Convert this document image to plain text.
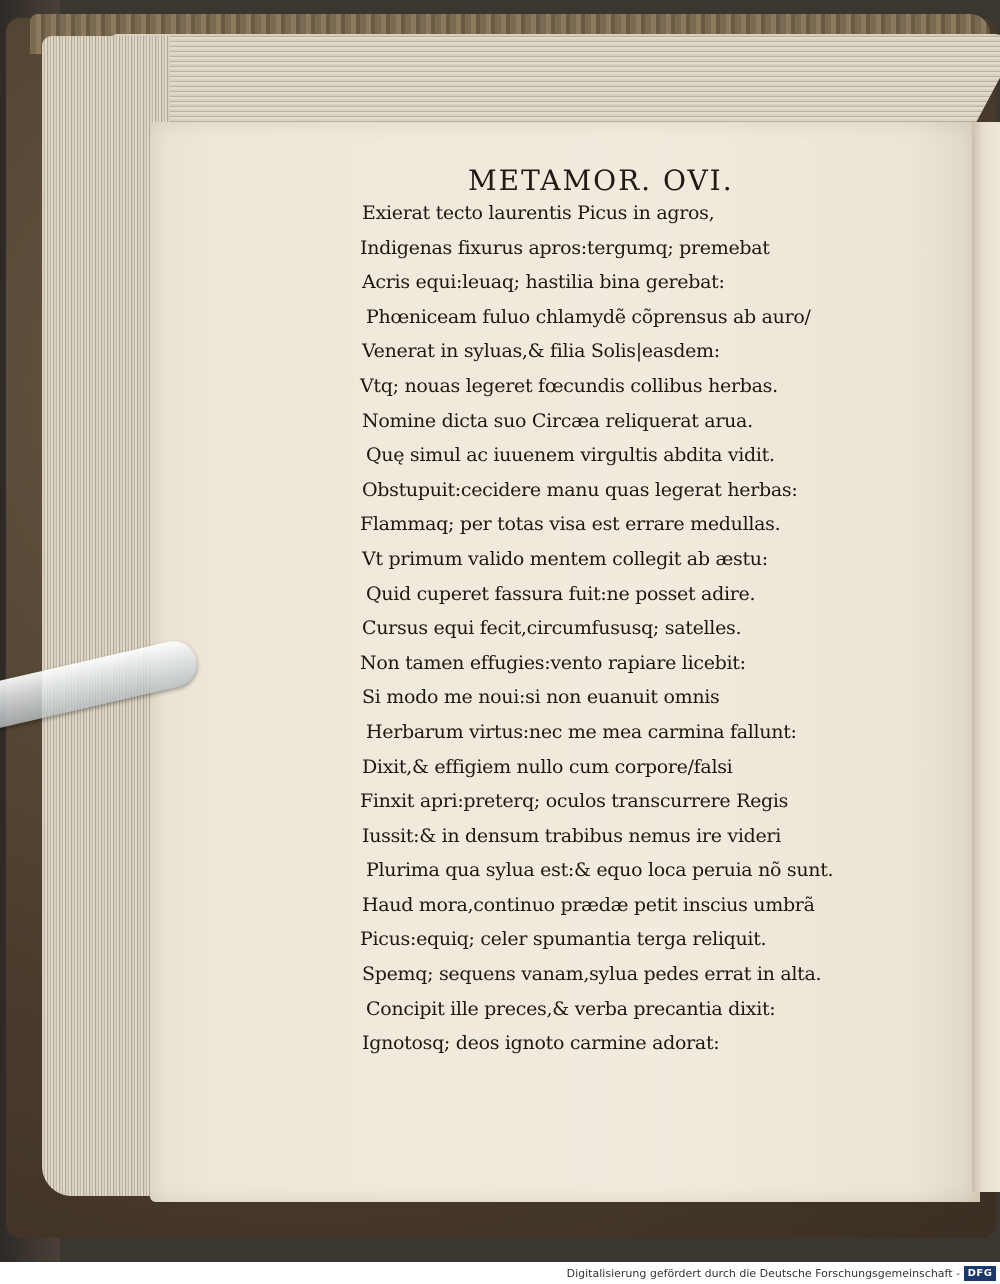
METAMOR. OVI.
Exierat tecto laurentis Picus in agros,
Indigenas fixurus apros:tergumq; premebat
Acris equi:leuaq; hastilia bina gerebat:
Phœniceam fuluo chlamydẽ cõprensus ab auro/
Venerat in syluas,& filia Solis|easdem:
Vtq; nouas legeret fœcundis collibus herbas.
Nomine dicta suo Circæa reliquerat arua.
Quę simul ac iuuenem virgultis abdita vidit.
Obstupuit:cecidere manu quas legerat herbas:
Flammaq; per totas visa est errare medullas.
Vt primum valido mentem collegit ab æstu:
Quid cuperet fassura fuit:ne posset adire.
Cursus equi fecit,circumfususq; satelles.
Non tamen effugies:vento rapiare licebit:
Si modo me noui:si non euanuit omnis
Herbarum virtus:nec me mea carmina fallunt:
Dixit,& effigiem nullo cum corpore/falsi
Finxit apri:preterq; oculos transcurrere Regis
Iussit:& in densum trabibus nemus ire videri
Plurima qua sylua est:& equo loca peruia nõ sunt.
Haud mora,continuo prædæ petit inscius umbrã
Picus:equiq; celer spumantia terga reliquit.
Spemq; sequens vanam,sylua pedes errat in alta.
Concipit ille preces,& verba precantia dixit:
Ignotosq; deos ignoto carmine adorat:
Digitalisierung gefördert durch die Deutsche Forschungsgemeinschaft - DFG
